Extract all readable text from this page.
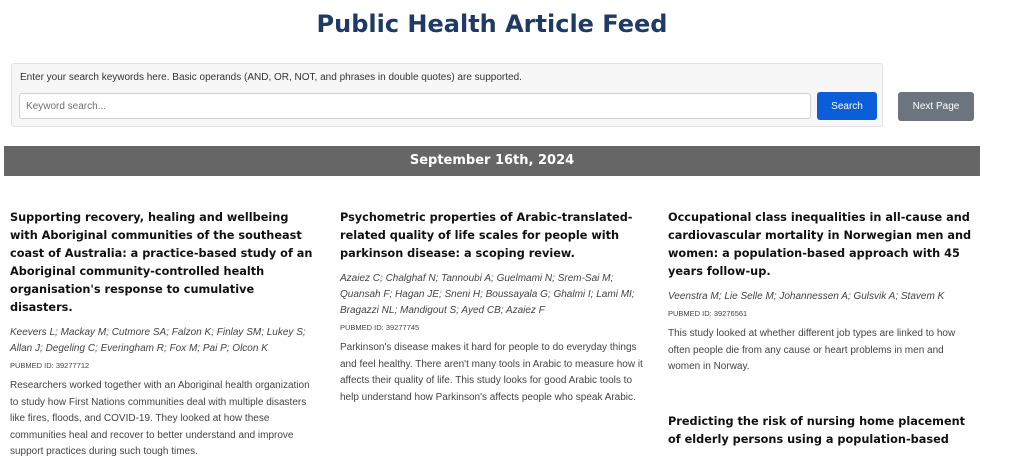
Public Health Article Feed
Enter your search keywords here. Basic operands (AND, OR, NOT, and phrases in double quotes) are supported.
Keyword search...
Search	Next Page
September 16th, 2024
Supporting recovery, healing and wellbeing with Aboriginal communities of the southeast coast of Australia: a practice-based study of an Aboriginal community-controlled health organisation's response to cumulative disasters.
Keevers L; Mackay M; Cutmore SA; Falzon K; Finlay SM; Lukey S; Allan J; Degeling C; Everingham R; Fox M; Pai P; Olcon K
PUBMED ID: 39277712
Researchers worked together with an Aboriginal health organization to study how First Nations communities deal with multiple disasters like fires, floods, and COVID-19. They looked at how these communities heal and recover to better understand and improve support practices during such tough times.
Psychometric properties of Arabic-translated-related quality of life scales for people with parkinson disease: a scoping review.
Azaiez C; Chalghaf N; Tannoubi A; Guelmami N; Srem-Sai M; Quansah F; Hagan JE; Sneni H; Boussayala G; Ghalmi I; Lami MI; Bragazzi NL; Mandigout S; Ayed CB; Azaiez F
PUBMED ID: 39277745
Parkinson's disease makes it hard for people to do everyday things and feel healthy. There aren't many tools in Arabic to measure how it affects their quality of life. This study looks for good Arabic tools to help understand how Parkinson's affects people who speak Arabic.
Occupational class inequalities in all-cause and cardiovascular mortality in Norwegian men and women: a population-based approach with 45 years follow-up.
Veenstra M; Lie Selle M; Johannessen A; Gulsvik A; Stavem K
PUBMED ID: 39276561
This study looked at whether different job types are linked to how often people die from any cause or heart problems in men and women in Norway.
Predicting the risk of nursing home placement of elderly persons using a population-based
